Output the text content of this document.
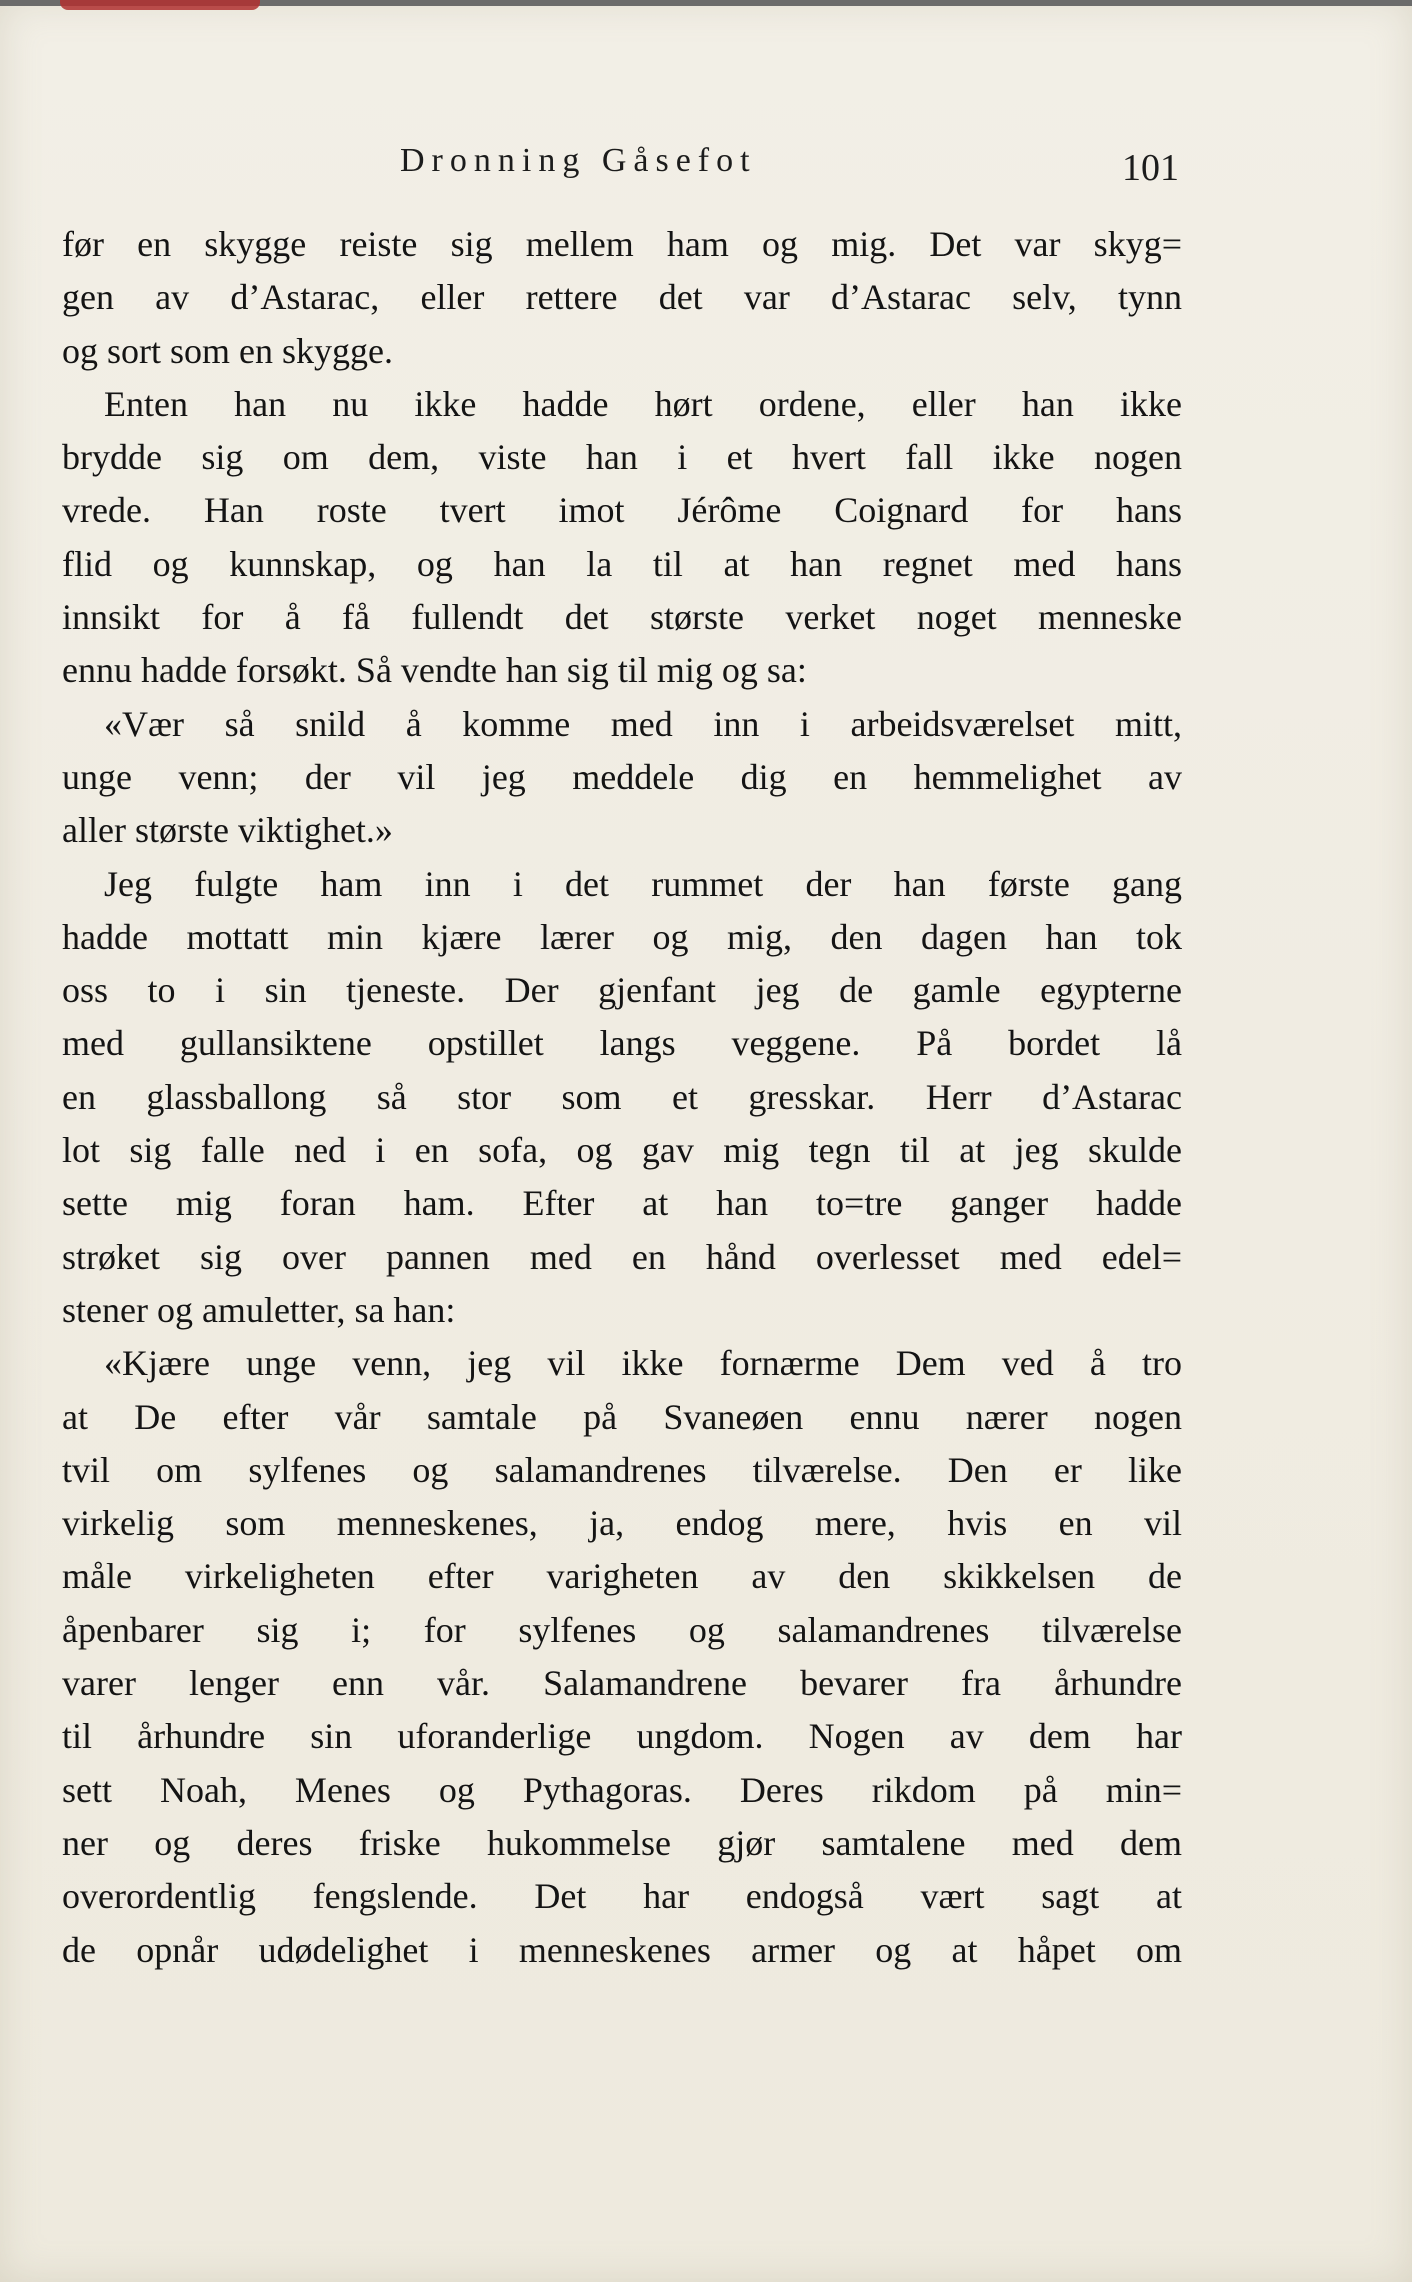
Dronning Gåsefot	101
før en skygge reiste sig mellem ham og mig. Det var skyg=
gen av d’Astarac, eller rettere det var d’Astarac selv, tynn
og sort som en skygge.
Enten han nu ikke hadde hørt ordene, eller han ikke
brydde sig om dem, viste han i et hvert fall ikke nogen
vrede. Han roste tvert imot Jérôme Coignard for hans
flid og kunnskap, og han la til at han regnet med hans
innsikt for å få fullendt det største verket noget menneske
ennu hadde forsøkt. Så vendte han sig til mig og sa:
«Vær så snild å komme med inn i arbeidsværelset mitt,
unge venn; der vil jeg meddele dig en hemmelighet av
aller største viktighet.»
Jeg fulgte ham inn i det rummet der han første gang
hadde mottatt min kjære lærer og mig, den dagen han tok
oss to i sin tjeneste. Der gjenfant jeg de gamle egypterne
med gullansiktene opstillet langs veggene. På bordet lå
en glassballong så stor som et gresskar. Herr d’Astarac
lot sig falle ned i en sofa, og gav mig tegn til at jeg skulde
sette mig foran ham. Efter at han to=tre ganger hadde
strøket sig over pannen med en hånd overlesset med edel=
stener og amuletter, sa han:
«Kjære unge venn, jeg vil ikke fornærme Dem ved å tro
at De efter vår samtale på Svaneøen ennu nærer nogen
tvil om sylfenes og salamandrenes tilværelse. Den er like
virkelig som menneskenes, ja, endog mere, hvis en vil
måle virkeligheten efter varigheten av den skikkelsen de
åpenbarer sig i; for sylfenes og salamandrenes tilværelse
varer lenger enn vår. Salamandrene bevarer fra århundre
til århundre sin uforanderlige ungdom. Nogen av dem har
sett Noah, Menes og Pythagoras. Deres rikdom på min=
ner og deres friske hukommelse gjør samtalene med dem
overordentlig fengslende. Det har endogså vært sagt at
de opnår udødelighet i menneskenes armer og at håpet om
